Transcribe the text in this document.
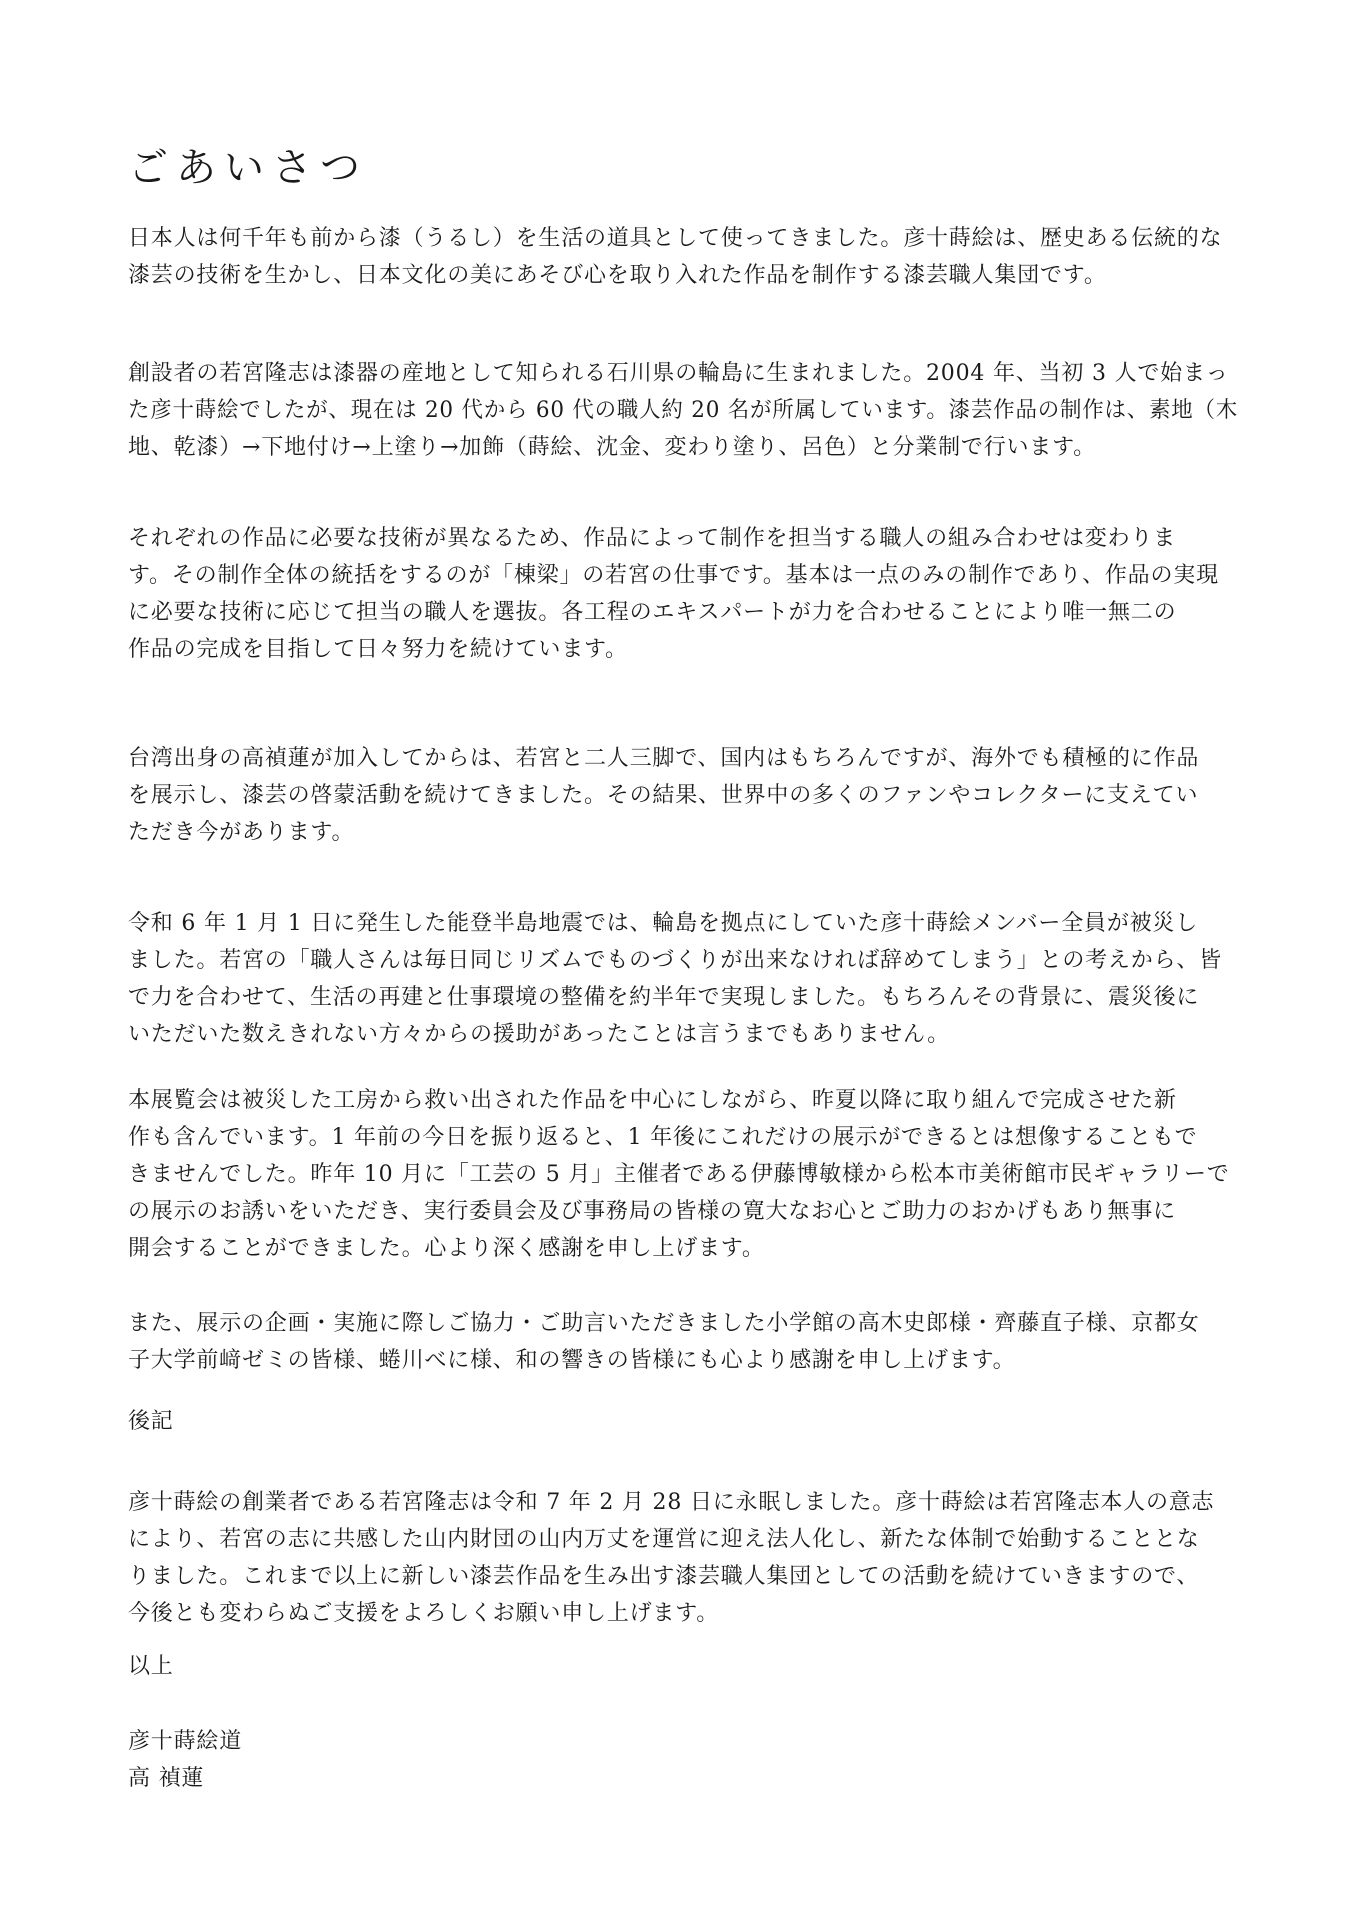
ごあいさつ
日本人は何千年も前から漆（うるし）を生活の道具として使ってきました。彦十蒔絵は、歴史ある伝統的な
漆芸の技術を生かし、日本文化の美にあそび心を取り入れた作品を制作する漆芸職人集団です。
創設者の若宮隆志は漆器の産地として知られる石川県の輪島に生まれました。2004 年、当初 3 人で始まっ
た彦十蒔絵でしたが、現在は 20 代から 60 代の職人約 20 名が所属しています。漆芸作品の制作は、素地（木
地、乾漆）→下地付け→上塗り→加飾（蒔絵、沈金、変わり塗り、呂色）と分業制で行います。
それぞれの作品に必要な技術が異なるため、作品によって制作を担当する職人の組み合わせは変わりま
す。その制作全体の統括をするのが「棟梁」の若宮の仕事です。基本は一点のみの制作であり、作品の実現
に必要な技術に応じて担当の職人を選抜。各工程のエキスパートが力を合わせることにより唯一無二の
作品の完成を目指して日々努力を続けています。
台湾出身の高禎蓮が加入してからは、若宮と二人三脚で、国内はもちろんですが、海外でも積極的に作品
を展示し、漆芸の啓蒙活動を続けてきました。その結果、世界中の多くのファンやコレクターに支えてい
ただき今があります。
令和 6 年 1 月 1 日に発生した能登半島地震では、輪島を拠点にしていた彦十蒔絵メンバー全員が被災し
ました。若宮の「職人さんは毎日同じリズムでものづくりが出来なければ辞めてしまう」との考えから、皆
で力を合わせて、生活の再建と仕事環境の整備を約半年で実現しました。もちろんその背景に、震災後に
いただいた数えきれない方々からの援助があったことは言うまでもありません。
本展覧会は被災した工房から救い出された作品を中心にしながら、昨夏以降に取り組んで完成させた新
作も含んでいます。1 年前の今日を振り返ると、1 年後にこれだけの展示ができるとは想像することもで
きませんでした。昨年 10 月に「工芸の 5 月」主催者である伊藤博敏様から松本市美術館市民ギャラリーで
の展示のお誘いをいただき、実行委員会及び事務局の皆様の寛大なお心とご助力のおかげもあり無事に
開会することができました。心より深く感謝を申し上げます。
また、展示の企画・実施に際しご協力・ご助言いただきました小学館の高木史郎様・齊藤直子様、京都女
子大学前﨑ゼミの皆様、蜷川べに様、和の響きの皆様にも心より感謝を申し上げます。
後記
彦十蒔絵の創業者である若宮隆志は令和 7 年 2 月 28 日に永眠しました。彦十蒔絵は若宮隆志本人の意志
により、若宮の志に共感した山内財団の山内万丈を運営に迎え法人化し、新たな体制で始動することとな
りました。これまで以上に新しい漆芸作品を生み出す漆芸職人集団としての活動を続けていきますので、
今後とも変わらぬご支援をよろしくお願い申し上げます。
以上
彦十蒔絵道
高 禎蓮
